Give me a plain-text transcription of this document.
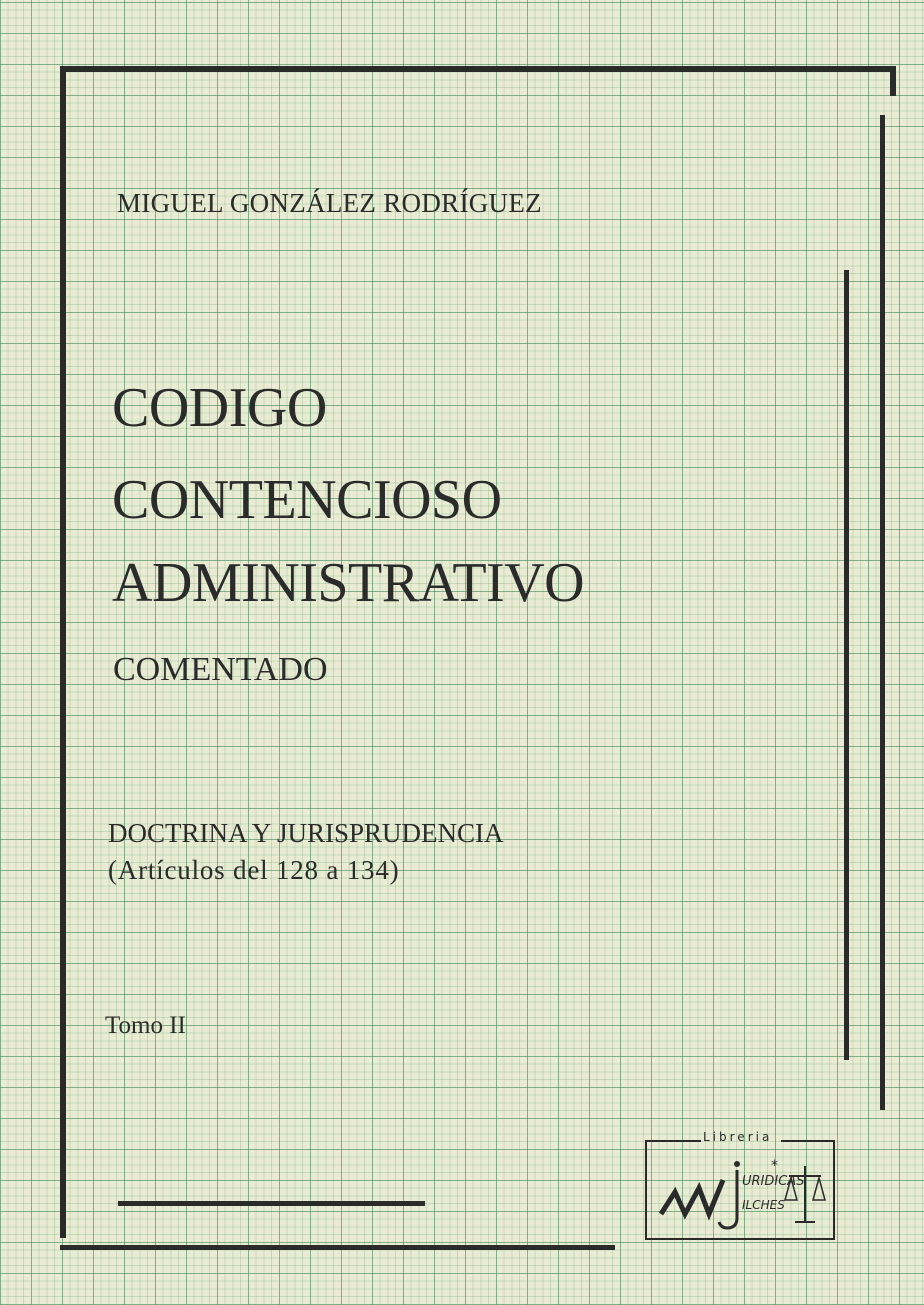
MIGUEL GONZÁLEZ RODRÍGUEZ
CODIGO
CONTENCIOSO
ADMINISTRATIVO
COMENTADO
DOCTRINA Y JURISPRUDENCIA
(Artículos del 128 a 134)
Tomo II
Libreria
*
URIDICAS
ILCHES
